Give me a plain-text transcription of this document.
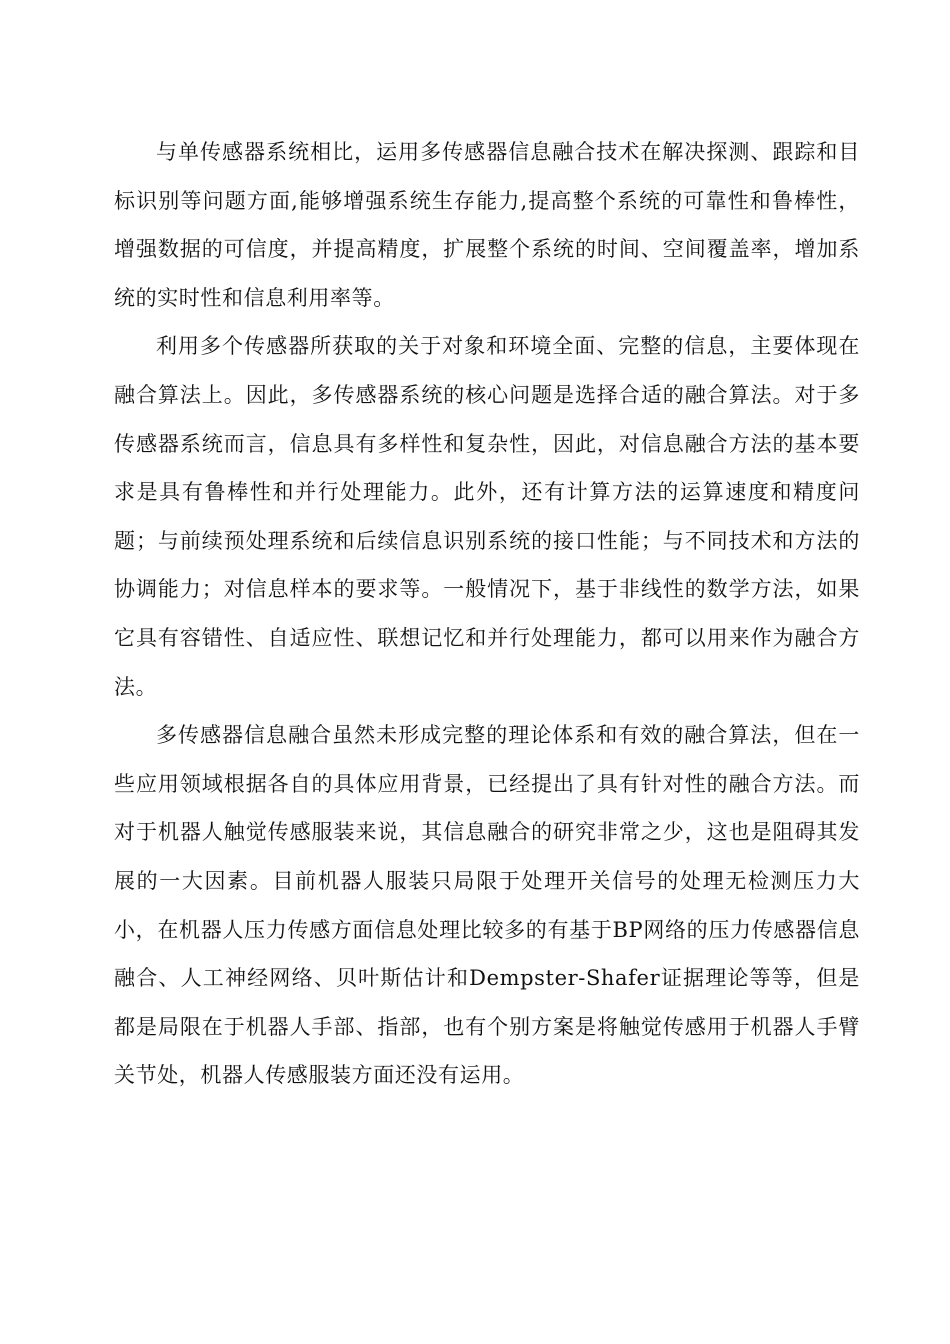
与单传感器系统相比，运用多传感器信息融合技术在解决探测、跟踪和目标识别等问题方面,能够增强系统生存能力,提高整个系统的可靠性和鲁棒性，增强数据的可信度，并提高精度，扩展整个系统的时间、空间覆盖率，增加系统的实时性和信息利用率等。

利用多个传感器所获取的关于对象和环境全面、完整的信息，主要体现在融合算法上。因此，多传感器系统的核心问题是选择合适的融合算法。对于多传感器系统而言，信息具有多样性和复杂性，因此，对信息融合方法的基本要求是具有鲁棒性和并行处理能力。此外，还有计算方法的运算速度和精度问题；与前续预处理系统和后续信息识别系统的接口性能；与不同技术和方法的协调能力；对信息样本的要求等。一般情况下，基于非线性的数学方法，如果它具有容错性、自适应性、联想记忆和并行处理能力，都可以用来作为融合方法。

多传感器信息融合虽然未形成完整的理论体系和有效的融合算法，但在一些应用领域根据各自的具体应用背景，已经提出了具有针对性的融合方法。而对于机器人触觉传感服装来说，其信息融合的研究非常之少，这也是阻碍其发展的一大因素。目前机器人服装只局限于处理开关信号的处理无检测压力大小，在机器人压力传感方面信息处理比较多的有基于BP网络的压力传感器信息融合、人工神经网络、贝叶斯估计和Dempster-Shafer证据理论等等，但是都是局限在于机器人手部、指部，也有个别方案是将触觉传感用于机器人手臂关节处，机器人传感服装方面还没有运用。
